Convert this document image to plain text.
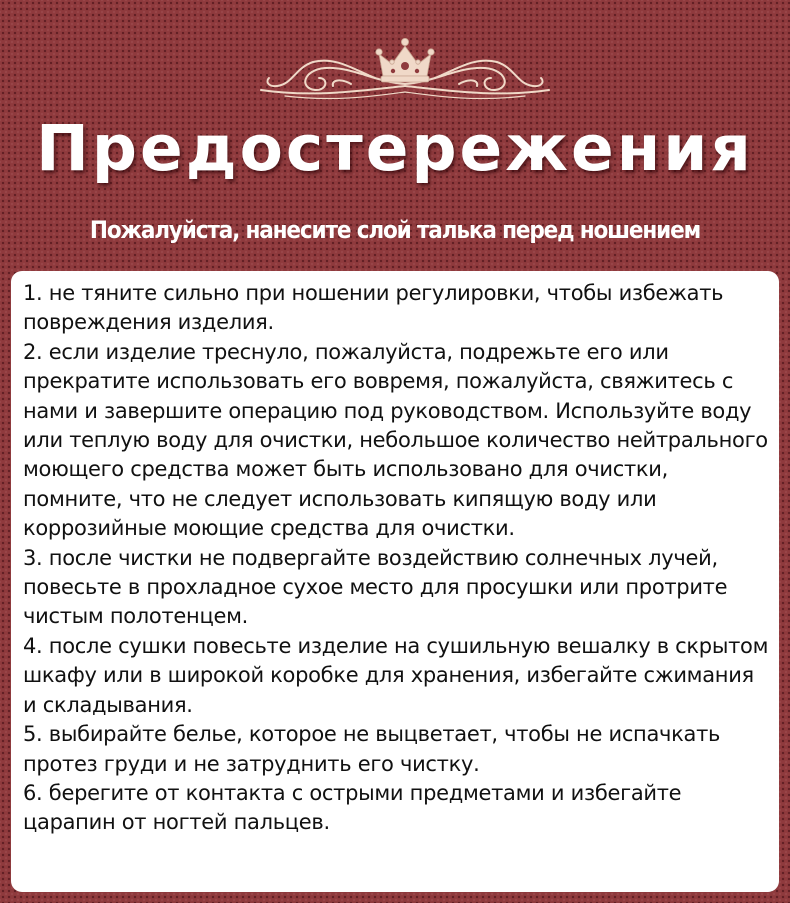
Предостережения
Пожалуйста, нанесите слой талька перед ношением

1. не тяните сильно при ношении регулировки, чтобы избежать повреждения изделия.

2. если изделие треснуло, пожалуйста, подрежьте его или прекратите использовать его вовремя, пожалуйста, свяжитесь с нами и завершите операцию под руководством. Используйте воду или теплую воду для очистки, небольшое количество нейтрального моющего средства может быть использовано для очистки, помните, что не следует использовать кипящую воду или коррозийные моющие средства для очистки.

3. после чистки не подвергайте воздействию солнечных лучей, повесьте в прохладное сухое место для просушки или протрите чистым полотенцем.

4. после сушки повесьте изделие на сушильную вешалку в скрытом шкафу или в широкой коробке для хранения, избегайте сжимания и складывания.

5. выбирайте белье, которое не выцветает, чтобы не испачкать протез груди и не затруднить его чистку.

6. берегите от контакта с острыми предметами и избегайте царапин от ногтей пальцев.
